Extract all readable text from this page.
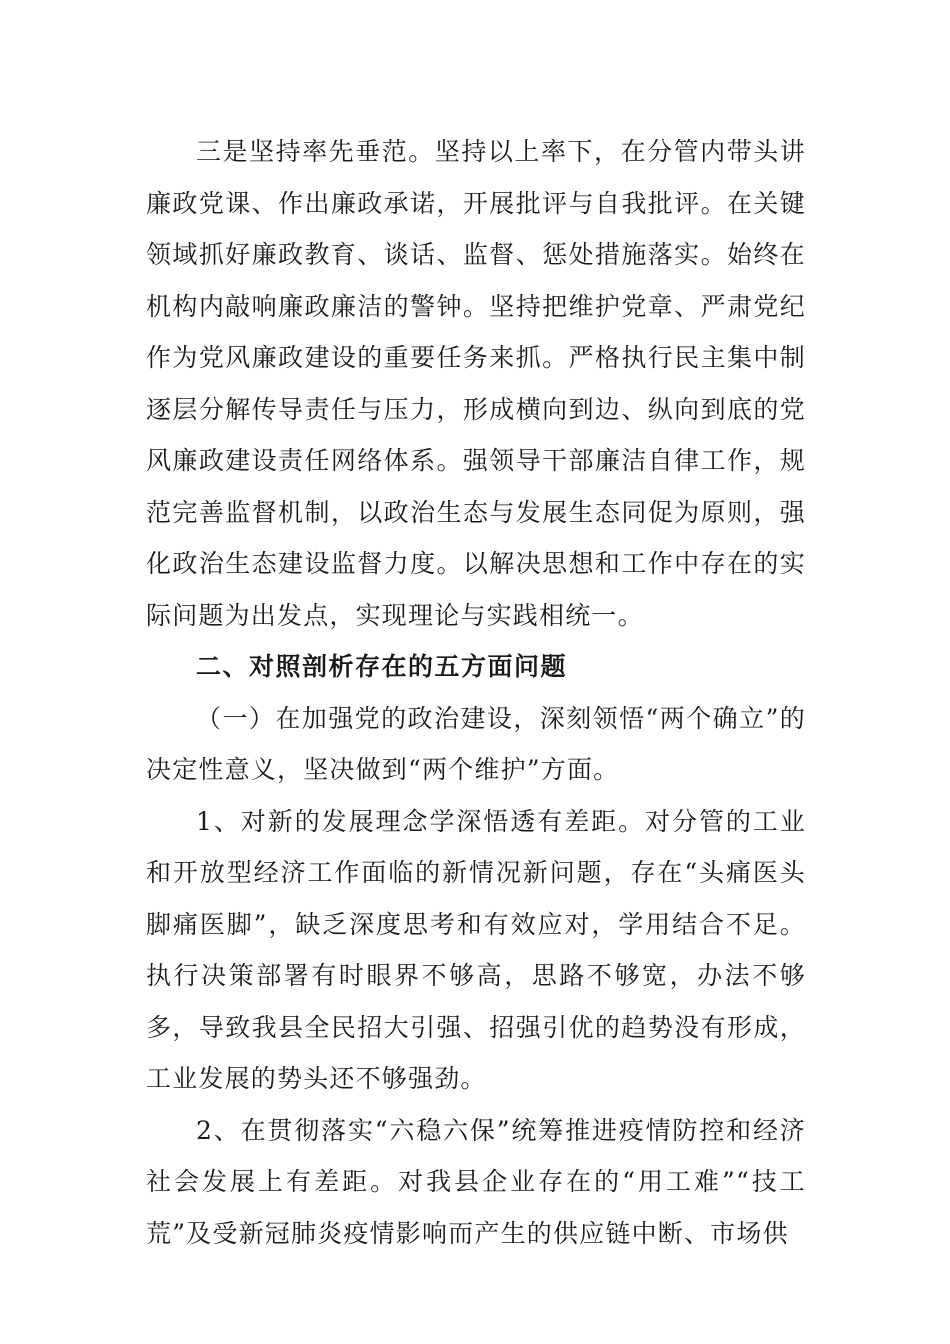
三是坚持率先垂范。坚持以上率下，在分管内带头讲廉政党课、作出廉政承诺，开展批评与自我批评。在关键领域抓好廉政教育、谈话、监督、惩处措施落实。始终在机构内敲响廉政廉洁的警钟。坚持把维护党章、严肃党纪作为党风廉政建设的重要任务来抓。严格执行民主集中制逐层分解传导责任与压力，形成横向到边、纵向到底的党风廉政建设责任网络体系。强领导干部廉洁自律工作，规范完善监督机制，以政治生态与发展生态同促为原则，强化政治生态建设监督力度。以解决思想和工作中存在的实际问题为出发点，实现理论与实践相统一。

二、对照剖析存在的五方面问题

（一）在加强党的政治建设，深刻领悟“两个确立”的决定性意义，坚决做到“两个维护”方面。

1、对新的发展理念学深悟透有差距。对分管的工业和开放型经济工作面临的新情况新问题，存在“头痛医头脚痛医脚”，缺乏深度思考和有效应对，学用结合不足。执行决策部署有时眼界不够高，思路不够宽，办法不够多，导致我县全民招大引强、招强引优的趋势没有形成，工业发展的势头还不够强劲。

2、在贯彻落实“六稳六保”统筹推进疫情防控和经济社会发展上有差距。对我县企业存在的“用工难”“技工荒”及受新冠肺炎疫情影响而产生的供应链中断、市场供
